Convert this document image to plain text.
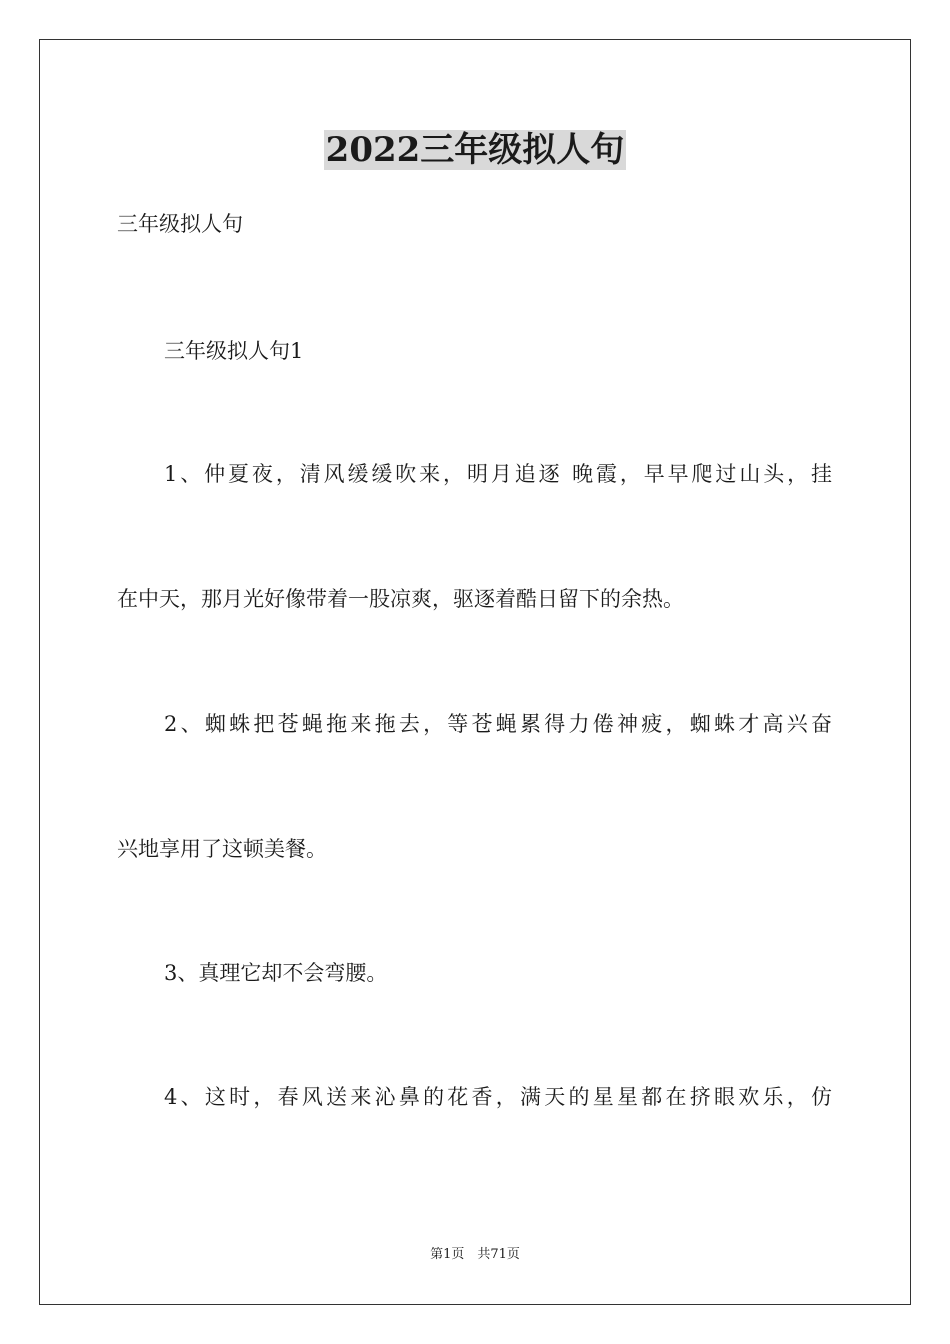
2022三年级拟人句

三年级拟人句

三年级拟人句1

1、仲夏夜，清风缓缓吹来，明月追逐 晚霞，早早爬过山头，挂

在中天，那月光好像带着一股凉爽，驱逐着酷日留下的余热。

2、蜘蛛把苍蝇拖来拖去，等苍蝇累得力倦神疲，蜘蛛才高兴奋

兴地享用了这顿美餐。

3、真理它却不会弯腰。

4、这时，春风送来沁鼻的花香，满天的星星都在挤眼欢乐，仿

第1页　共71页
